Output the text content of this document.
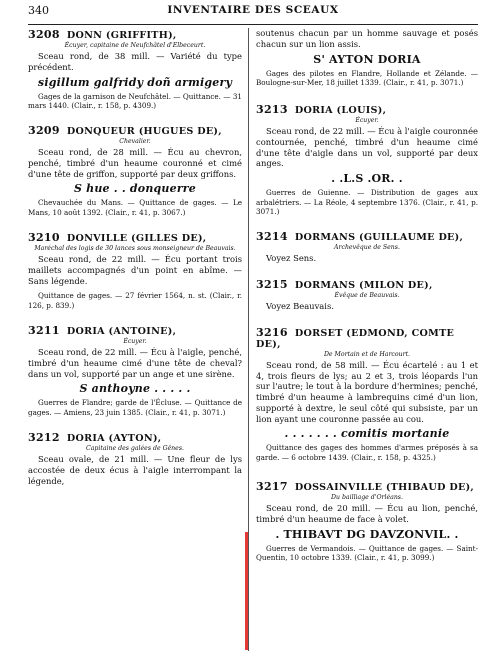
340	INVENTAIRE DES SCEAUX

3208 DONN (GRIFFITH),

Écuyer, capitaine de Neufchâtel d'Elbeceurt.

Sceau rond, de 38 mill. — Variété du type précédent.

sigillum galfridy doñ armigery

Gages de la garnison de Neufchâtel. — Quittance. — 31 mars 1440. (Clair., r. 158, p. 4309.)

3209 DONQUEUR (HUGUES DE),

Chevalier.

Sceau rond, de 28 mill. — Écu au chevron, penché, timbré d'un heaume couronné et cimé d'une tête de griffon, supporté par deux griffons.

S hue . . donquerre

Chevauchée du Mans. — Quittance de gages. — Le Mans, 10 août 1392. (Clair., r. 41, p. 3067.)

3210 DONVILLE (GILLES DE),

Maréchal des logis de 30 lances sous monseigneur de Beauvais.

Sceau rond, de 22 mill. — Écu portant trois maillets accompagnés d'un point en abîme. — Sans légende.

Quittance de gages. — 27 février 1564, n. st. (Clair., r. 126, p. 839.)

3211 DORIA (ANTOINE),

Écuyer.

Sceau rond, de 22 mill. — Écu à l'aigle, penché, timbré d'un heaume cimé d'une tête de cheval? dans un vol, supporté par un ange et une sirène.

S anthoyne . . . . .

Guerres de Flandre; garde de l'Écluse. — Quittance de gages. — Amiens, 23 juin 1385. (Clair., r. 41, p. 3071.)

3212 DORIA (AYTON),

Capitaine des galées de Gênes.

Sceau ovale, de 21 mill. — Une fleur de lys accostée de deux écus à l'aigle interrompant la légende,

soutenus chacun par un homme sauvage et posés chacun sur un lion assis.

S' AYTON DORIA

Gages des pilotes en Flandre, Hollande et Zélande. — Boulogne-sur-Mer, 18 juillet 1339. (Clair., r. 41, p. 3071.)

3213 DORIA (LOUIS),

Écuyer.

Sceau rond, de 22 mill. — Écu à l'aigle couronnée contournée, penché, timbré d'un heaume cimé d'une tête d'aigle dans un vol, supporté par deux anges.

. .L.S .OR. .

Guerres de Guienne. — Distribution de gages aux arbalétriers. — La Réole, 4 septembre 1376. (Clair., r. 41, p. 3071.)

3214 DORMANS (GUILLAUME DE),

Archevêque de Sens.

Voyez Sens.

3215 DORMANS (MILON DE),

Évêque de Beauvais.

Voyez Beauvais.

3216 DORSET (EDMOND, COMTE DE),

De Mortain et de Harcourt.

Sceau rond, de 58 mill. — Écu écartelé : au 1 et 4, trois fleurs de lys; au 2 et 3, trois léopards l'un sur l'autre; le tout à la bordure d'hermines; penché, timbré d'un heaume à lambrequins cimé d'un lion, supporté à dextre, le seul côté qui subsiste, par un lion ayant une couronne passée au cou.

. . . . . . . comitis mortanie

Quittance des gages des hommes d'armes préposés à sa garde. — 6 octobre 1439. (Clair., r. 158, p. 4325.)

3217 DOSSAINVILLE (THIBAUD DE),

Du bailliage d'Orléans.

Sceau rond, de 20 mill. — Écu au lion, penché, timbré d'un heaume de face à volet.

. THIBAVT DG DAVZONVIL. .

Guerres de Vermandois. — Quittance de gages. — Saint-Quentin, 10 octobre 1339. (Clair., r. 41, p. 3099.)
